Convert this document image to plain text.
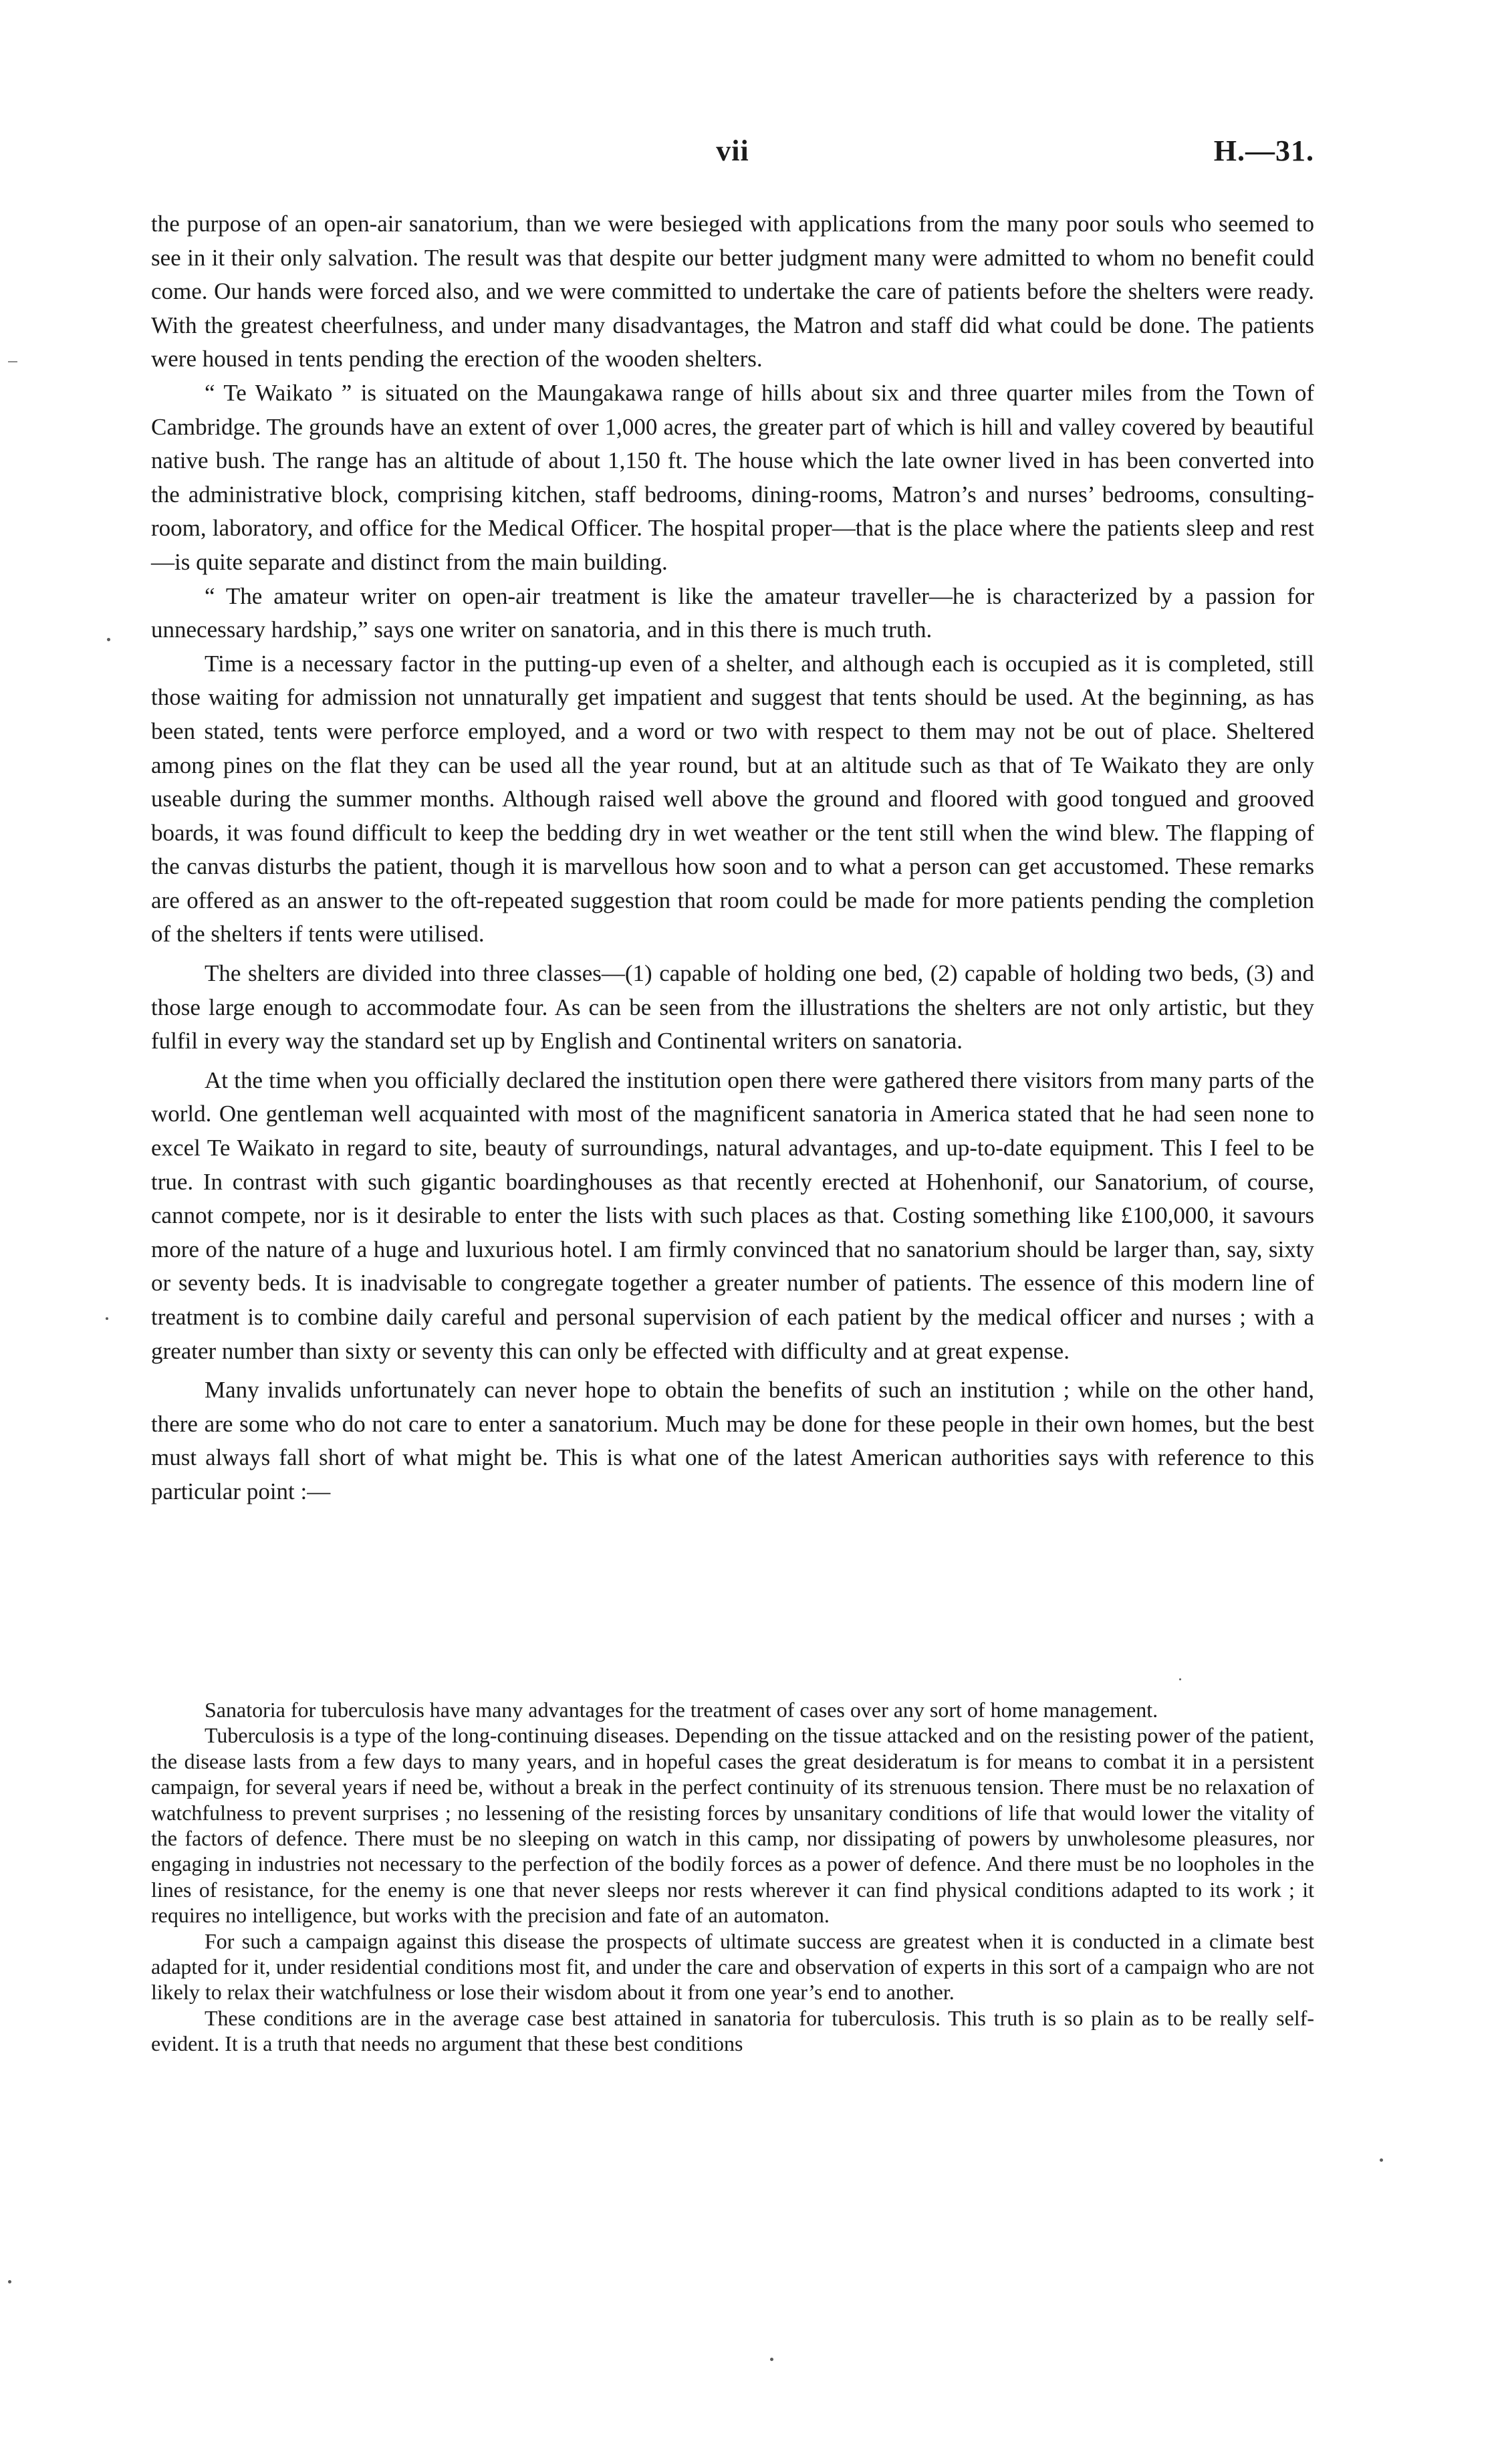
vii	H.—31.

the purpose of an open-air sanatorium, than we were besieged with applications from the many poor souls who seemed to see in it their only salvation. The result was that despite our better judgment many were admitted to whom no benefit could come. Our hands were forced also, and we were committed to undertake the care of patients before the shelters were ready. With the greatest cheerfulness, and under many disadvantages, the Matron and staff did what could be done. The patients were housed in tents pending the erection of the wooden shelters.

“ Te Waikato ” is situated on the Maungakawa range of hills about six and three quarter miles from the Town of Cambridge. The grounds have an extent of over 1,000 acres, the greater part of which is hill and valley covered by beautiful native bush. The range has an altitude of about 1,150 ft. The house which the late owner lived in has been converted into the administrative block, comprising kitchen, staff bedrooms, dining-rooms, Matron’s and nurses’ bedrooms, consulting-room, laboratory, and office for the Medical Officer. The hospital proper—that is the place where the patients sleep and rest—is quite separate and distinct from the main building.

“ The amateur writer on open-air treatment is like the amateur traveller—he is characterized by a passion for unnecessary hardship,” says one writer on sanatoria, and in this there is much truth.

Time is a necessary factor in the putting-up even of a shelter, and although each is occupied as it is completed, still those waiting for admission not unnaturally get impatient and suggest that tents should be used. At the beginning, as has been stated, tents were perforce employed, and a word or two with respect to them may not be out of place. Sheltered among pines on the flat they can be used all the year round, but at an altitude such as that of Te Waikato they are only useable during the summer months. Although raised well above the ground and floored with good tongued and grooved boards, it was found difficult to keep the bedding dry in wet weather or the tent still when the wind blew. The flapping of the canvas disturbs the patient, though it is marvellous how soon and to what a person can get accustomed. These remarks are offered as an answer to the oft-repeated suggestion that room could be made for more patients pending the completion of the shelters if tents were utilised.

The shelters are divided into three classes—(1) capable of holding one bed, (2) capable of holding two beds, (3) and those large enough to accommodate four. As can be seen from the illustrations the shelters are not only artistic, but they fulfil in every way the standard set up by English and Continental writers on sanatoria.

At the time when you officially declared the institution open there were gathered there visitors from many parts of the world. One gentleman well acquainted with most of the magnificent sanatoria in America stated that he had seen none to excel Te Waikato in regard to site, beauty of surroundings, natural advantages, and up-to-date equipment. This I feel to be true. In contrast with such gigantic boardinghouses as that recently erected at Hohenhonif, our Sanatorium, of course, cannot compete, nor is it desirable to enter the lists with such places as that. Costing something like £100,000, it savours more of the nature of a huge and luxurious hotel. I am firmly convinced that no sanatorium should be larger than, say, sixty or seventy beds. It is inadvisable to congregate together a greater number of patients. The essence of this modern line of treatment is to combine daily careful and personal supervision of each patient by the medical officer and nurses ; with a greater number than sixty or seventy this can only be effected with difficulty and at great expense.

Many invalids unfortunately can never hope to obtain the benefits of such an institution ; while on the other hand, there are some who do not care to enter a sanatorium. Much may be done for these people in their own homes, but the best must always fall short of what might be. This is what one of the latest American authorities says with reference to this particular point :—

Sanatoria for tuberculosis have many advantages for the treatment of cases over any sort of home management.

Tuberculosis is a type of the long-continuing diseases. Depending on the tissue attacked and on the resisting power of the patient, the disease lasts from a few days to many years, and in hopeful cases the great desideratum is for means to combat it in a persistent campaign, for several years if need be, without a break in the perfect continuity of its strenuous tension. There must be no relaxation of watchfulness to prevent surprises ; no lessening of the resisting forces by unsanitary conditions of life that would lower the vitality of the factors of defence. There must be no sleeping on watch in this camp, nor dissipating of powers by unwholesome pleasures, nor engaging in industries not necessary to the perfection of the bodily forces as a power of defence. And there must be no loopholes in the lines of resistance, for the enemy is one that never sleeps nor rests wherever it can find physical conditions adapted to its work ; it requires no intelligence, but works with the precision and fate of an automaton.

For such a campaign against this disease the prospects of ultimate success are greatest when it is conducted in a climate best adapted for it, under residential conditions most fit, and under the care and observation of experts in this sort of a campaign who are not likely to relax their watchfulness or lose their wisdom about it from one year’s end to another.

These conditions are in the average case best attained in sanatoria for tuberculosis. This truth is so plain as to be really self-evident. It is a truth that needs no argument that these best conditions
